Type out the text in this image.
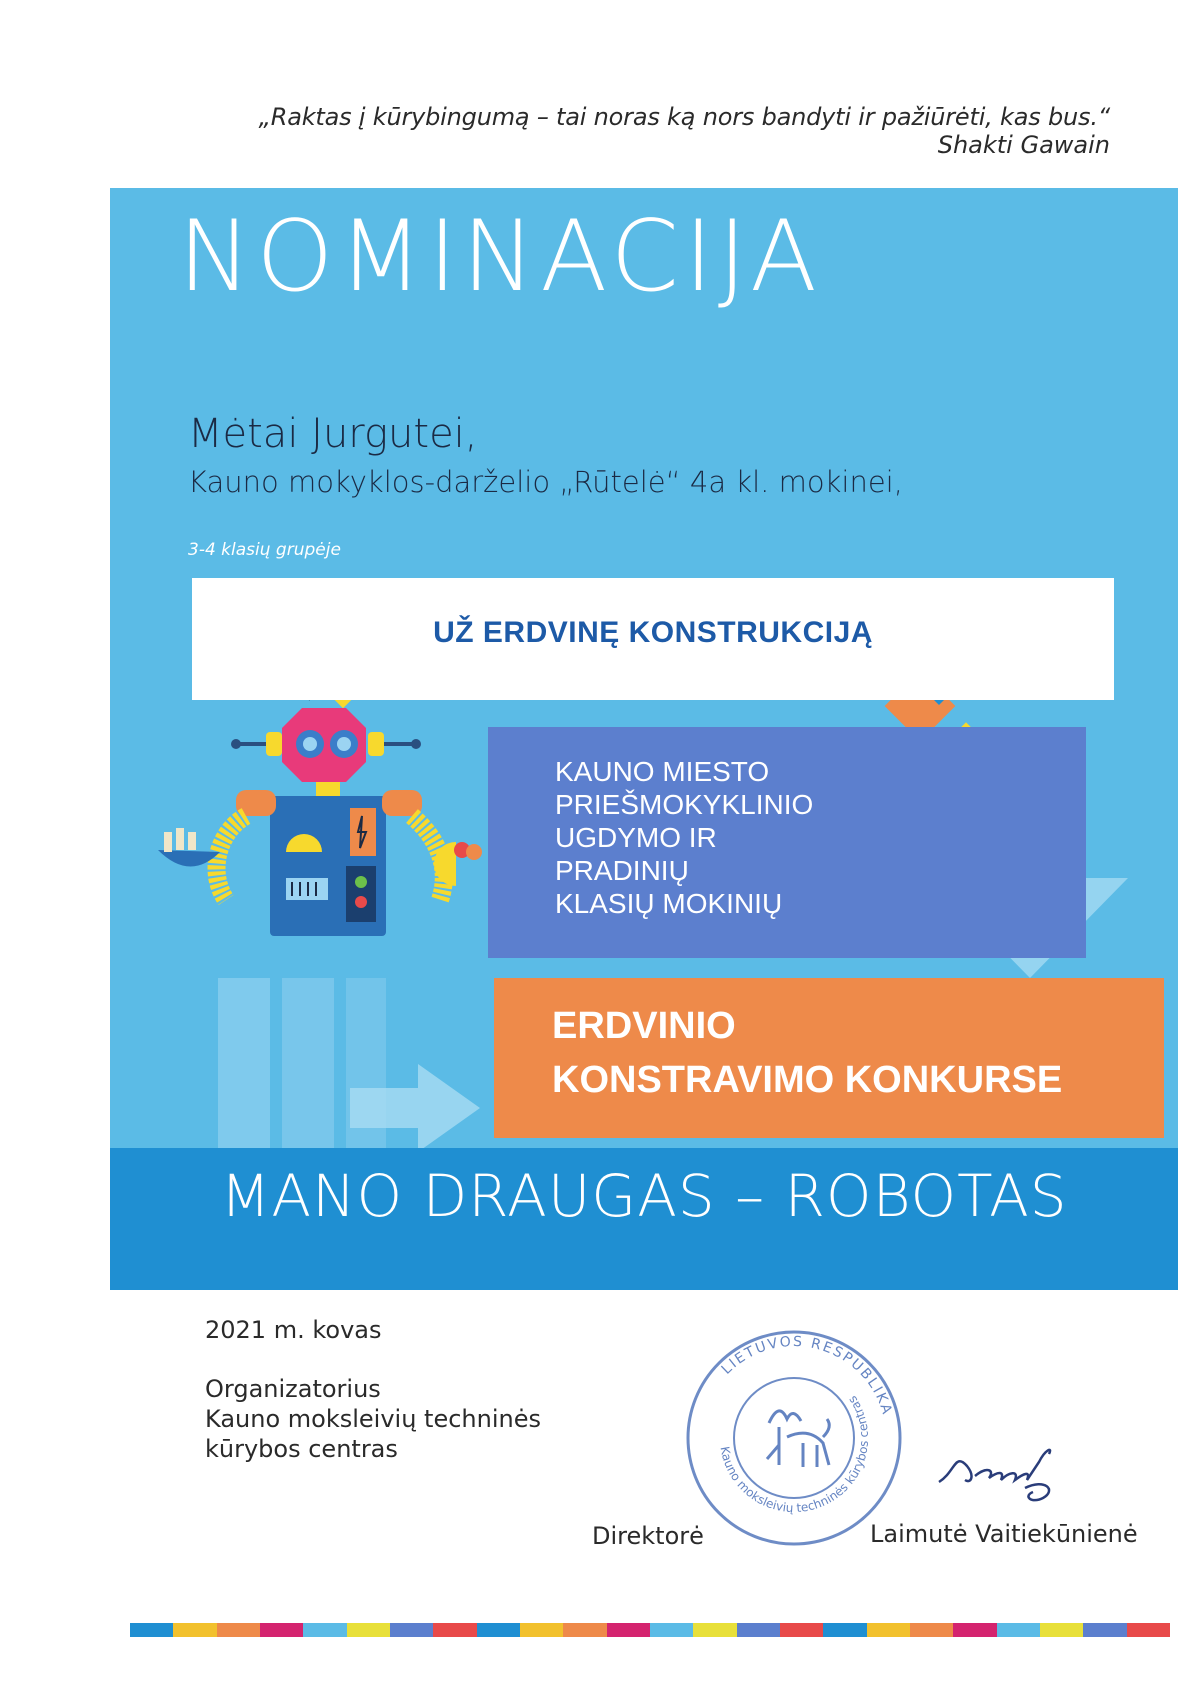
„Raktas į kūrybingumą – tai noras ką nors bandyti ir pažiūrėti, kas bus.“
Shakti Gawain
NOMINACIJA
Mėtai Jurgutei,
Kauno mokyklos-darželio „Rūtelė“ 4a kl. mokinei,
3-4 klasių grupėje
UŽ ERDVINĘ KONSTRUKCIJĄ
KAUNO MIESTO
PRIEŠMOKYKLINIO
UGDYMO IR
PRADINIŲ
KLASIŲ MOKINIŲ
ERDVINIO
KONSTRAVIMO KONKURSE
MANO DRAUGAS – ROBOTAS
2021 m. kovas
Organizatorius
Kauno moksleivių techninės
kūrybos centras
LIETUVOS RESPUBLIKA
Kauno moksleivių techninės kūrybos centras
Direktorė	Laimutė Vaitiekūnienė
